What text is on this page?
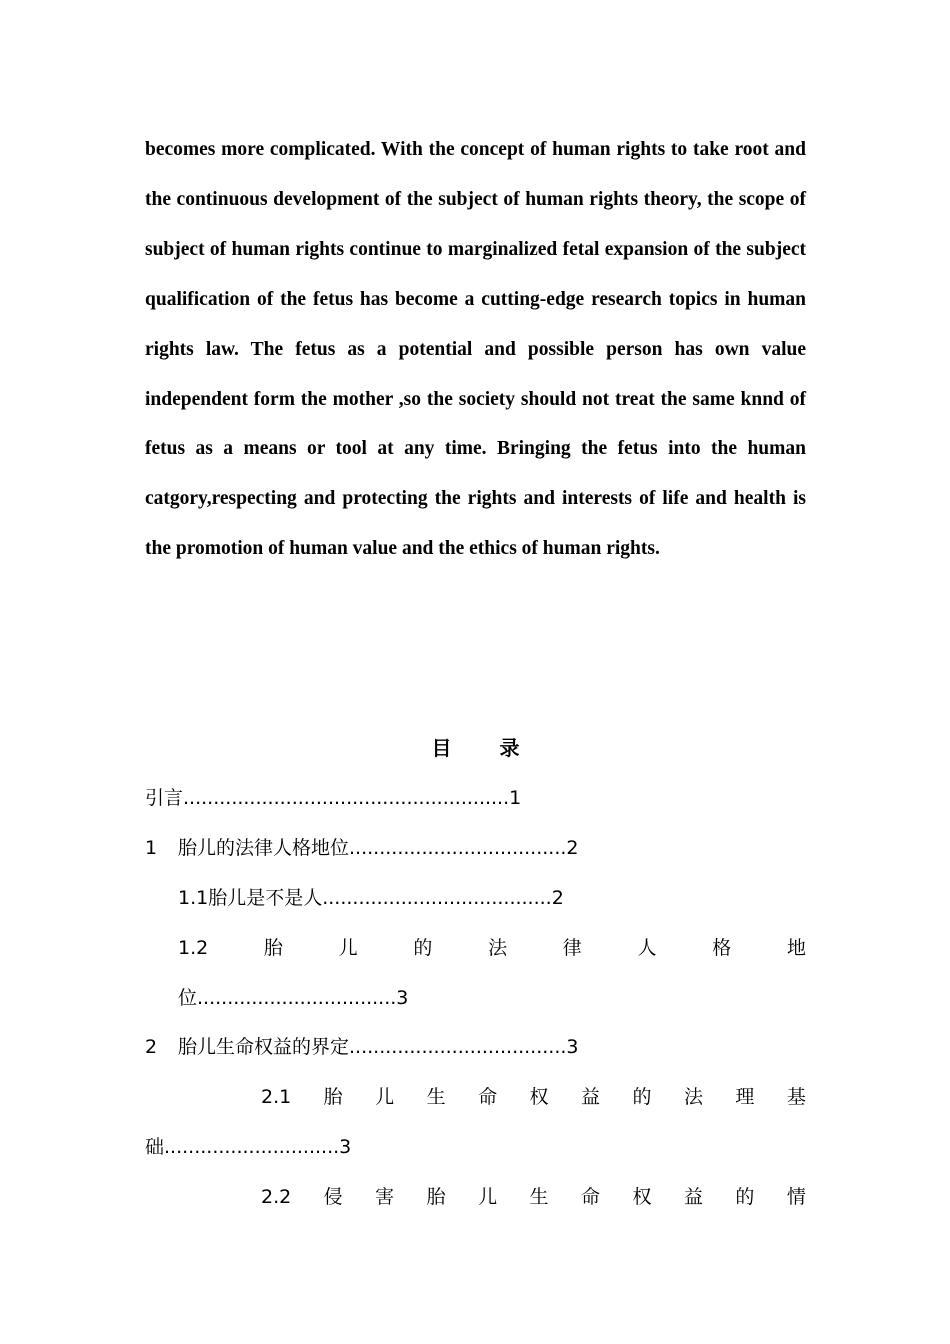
becomes more complicated. With the concept of human rights to take root and the continuous development of the subject of human rights theory, the scope of subject of human rights continue to marginalized fetal expansion of the subject qualification of the fetus has become a cutting-edge research topics in human rights law. The fetus as a potential and possible person has own value independent form the mother ,so the society should not treat the same knnd of fetus as a means or tool at any time. Bringing the fetus into the human catgory,respecting and protecting the rights and interests of life and health is the promotion of human value and the ethics of human rights.

目录
引言......................................................1
1 胎儿的法律人格地位....................................2
1.1胎儿是不是人......................................2
1.2	胎	儿	的	法	律	人	格	地
位.................................3
2 胎儿生命权益的界定....................................3
2.1 胎 儿 生 命 权 益 的 法 理 基
础.............................3
2.2 侵 害 胎 儿 生 命 权 益 的 情
